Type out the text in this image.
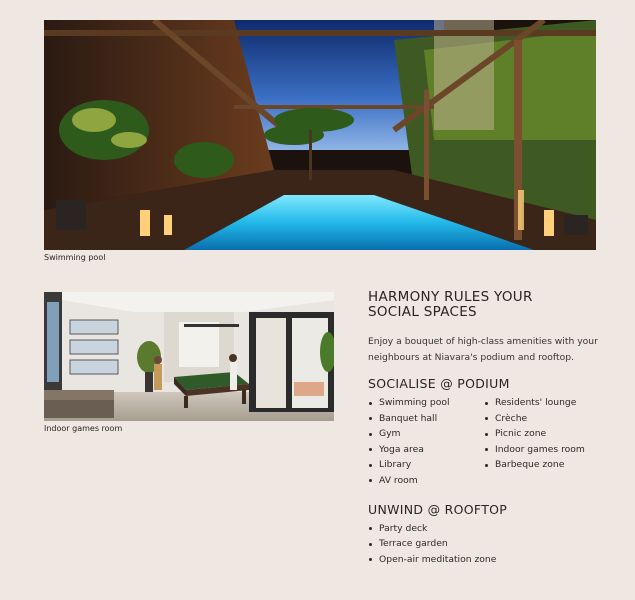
Swimming pool
Indoor games room
HARMONY RULES YOUR
SOCIAL SPACES

Enjoy a bouquet of high-class amenities with your neighbours at Niavara's podium and rooftop.

SOCIALISE @ PODIUM
Swimming pool
Banquet hall
Gym
Yoga area
Library
AV room
Residents' lounge
Crèche
Picnic zone
Indoor games room
Barbeque zone
UNWIND @ ROOFTOP
Party deck
Terrace garden
Open-air meditation zone
